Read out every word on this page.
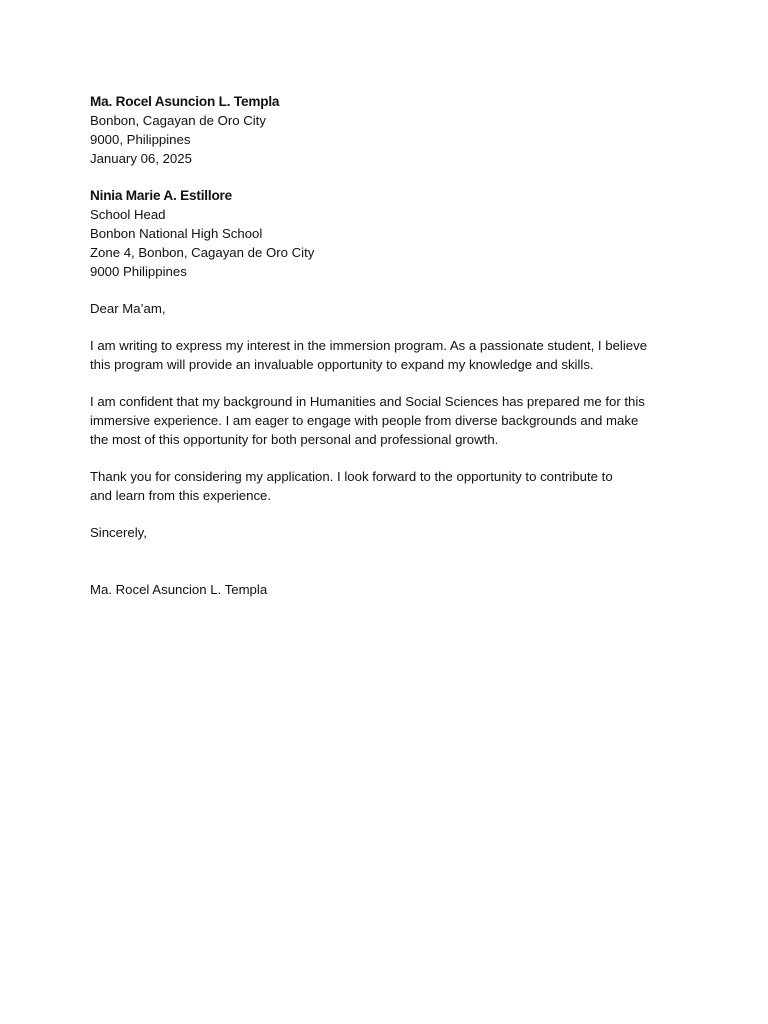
Ma. Rocel Asuncion L. Templa
Bonbon, Cagayan de Oro City
9000, Philippines
January 06, 2025
Ninia Marie A. Estillore
School Head
Bonbon National High School
Zone 4, Bonbon, Cagayan de Oro City
9000 Philippines
Dear Ma’am,
I am writing to express my interest in the immersion program. As a passionate student, I believe
this program will provide an invaluable opportunity to expand my knowledge and skills.
I am confident that my background in Humanities and Social Sciences has prepared me for this
immersive experience. I am eager to engage with people from diverse backgrounds and make
the most of this opportunity for both personal and professional growth.
Thank you for considering my application. I look forward to the opportunity to contribute to
and learn from this experience.
Sincerely,
Ma. Rocel Asuncion L. Templa
